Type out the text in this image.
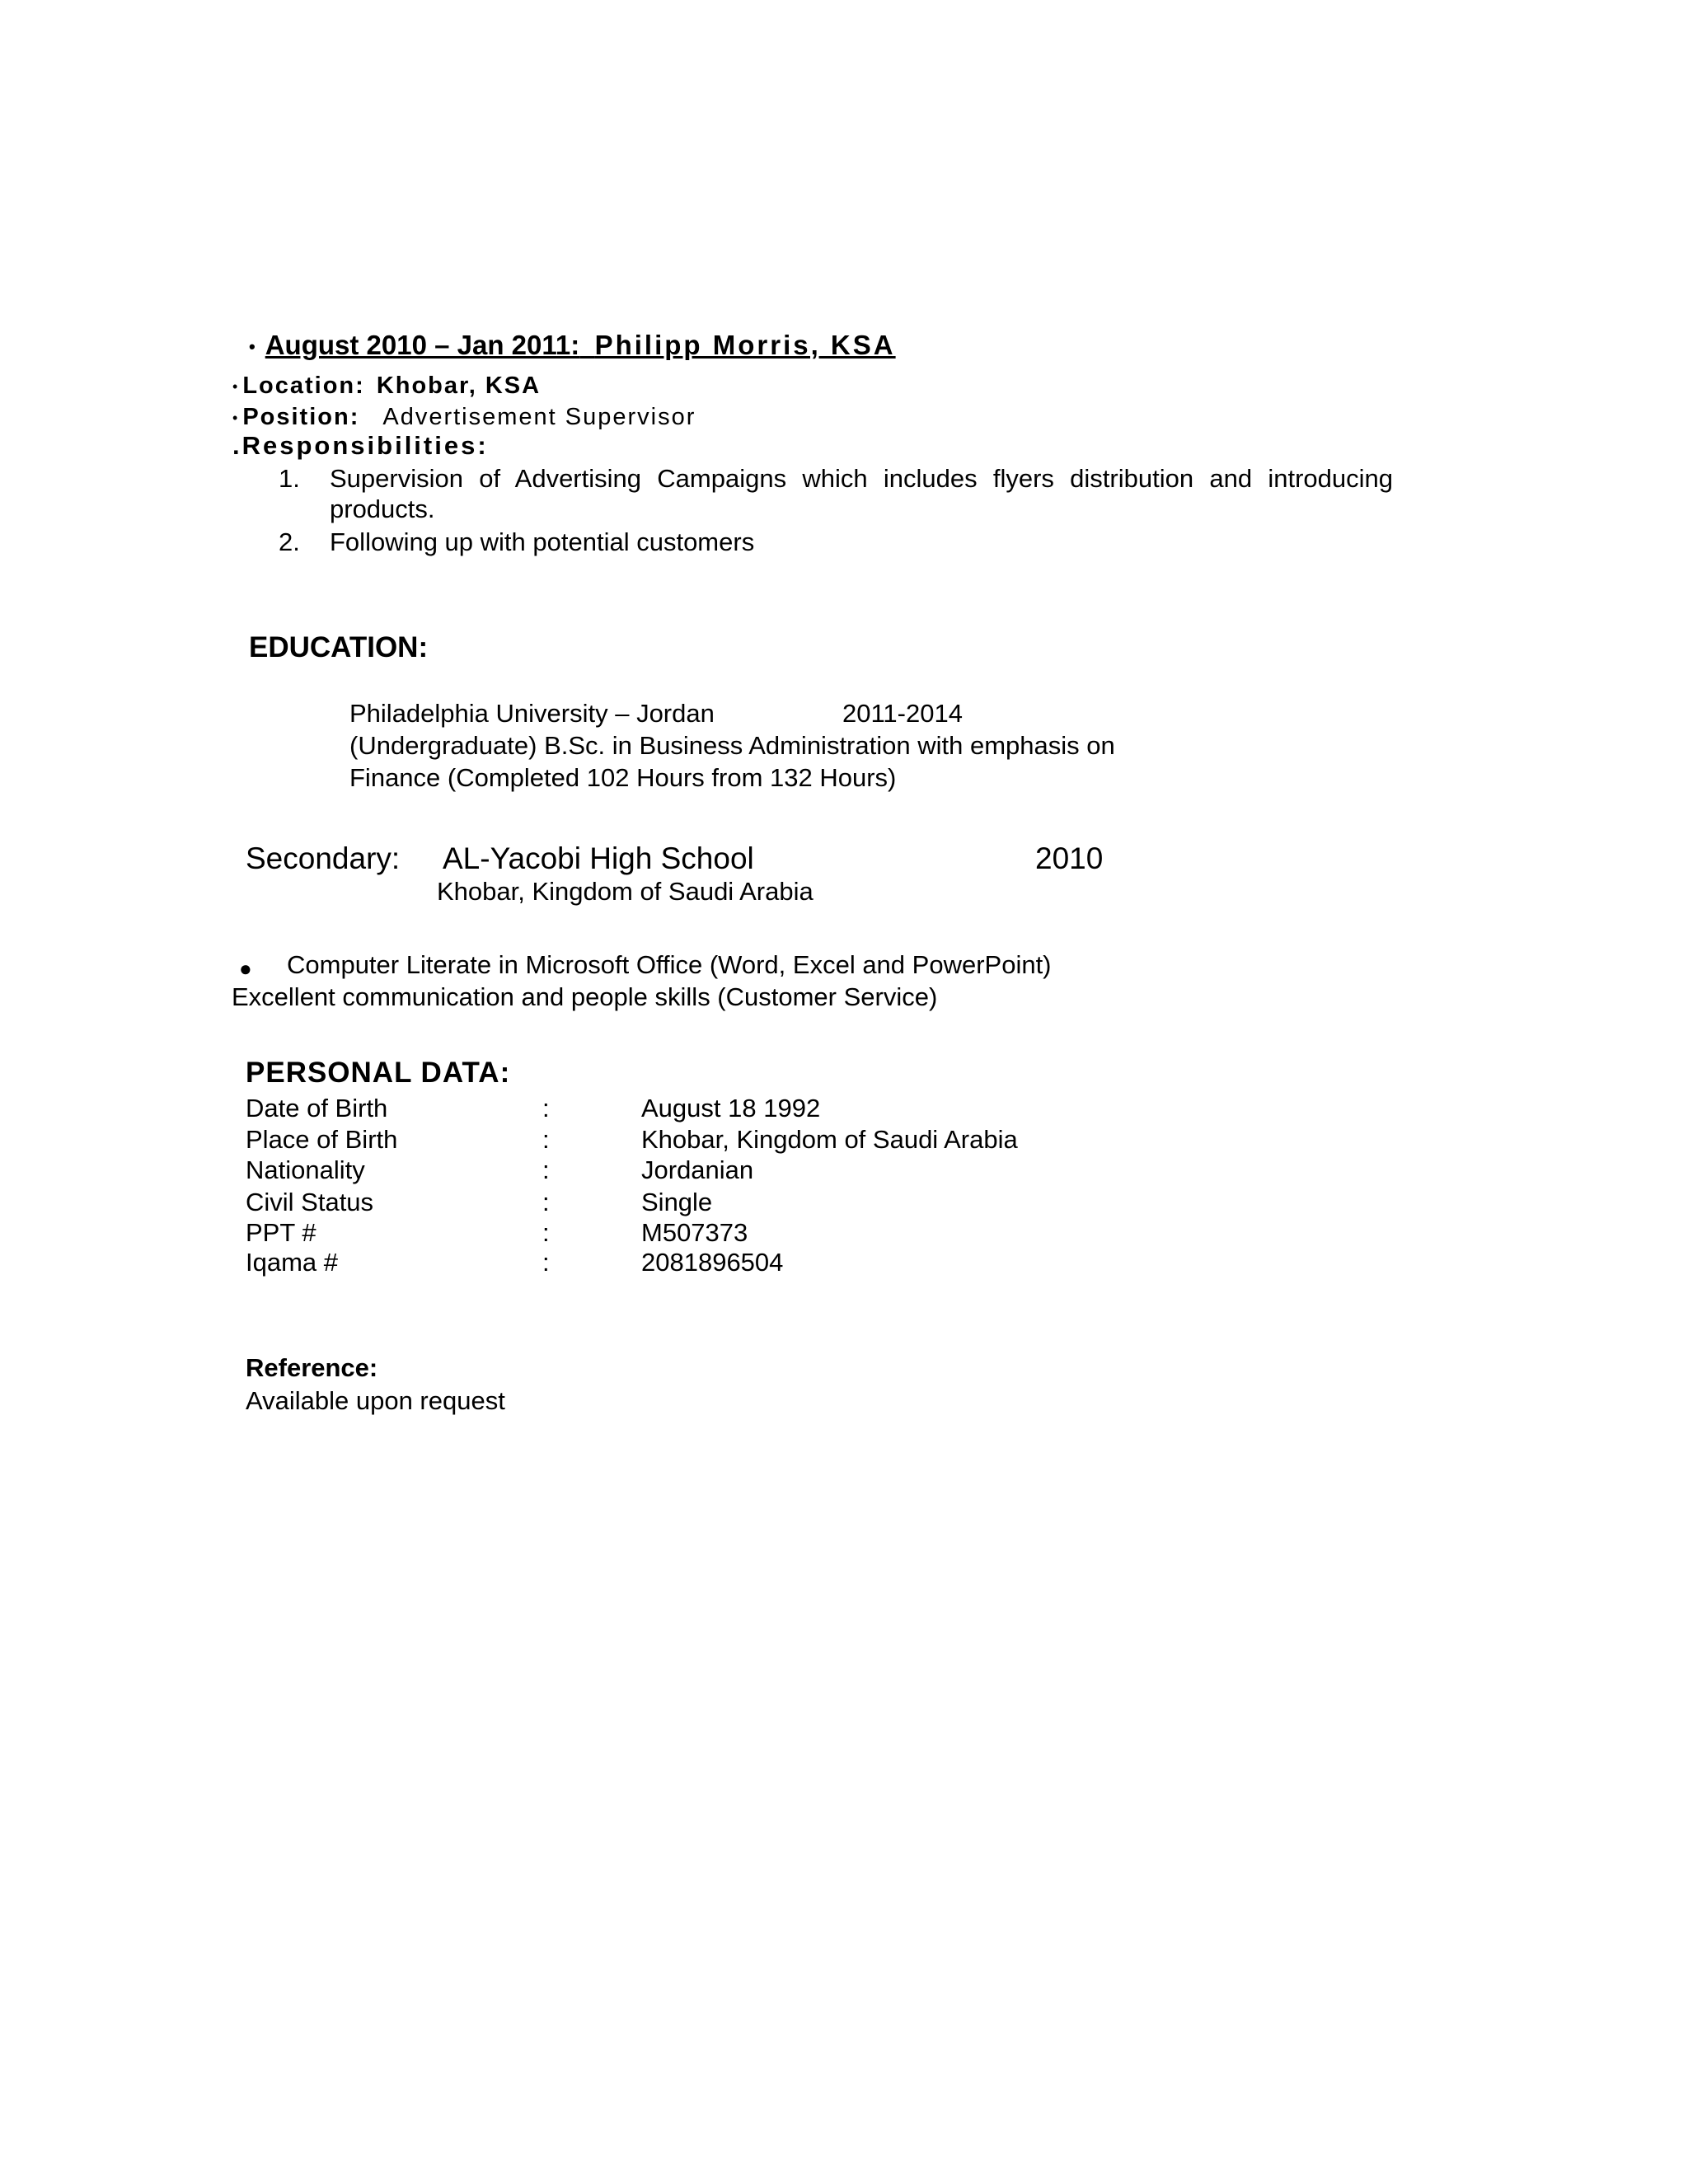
• August 2010 – Jan 2011: Philipp Morris, KSA
• Location: Khobar, KSA
• Position: Advertisement Supervisor
.Responsibilities:
1. Supervision of Advertising Campaigns which includes flyers distribution and introducing
products.
2. Following up with potential customers
EDUCATION:
Philadelphia University – Jordan	2011-2014
(Undergraduate) B.Sc. in Business Administration with emphasis on
Finance (Completed 102 Hours from 132 Hours)
Secondary: AL-Yacobi High School	2010
Khobar, Kingdom of Saudi Arabia
● Computer Literate in Microsoft Office (Word, Excel and PowerPoint)
Excellent communication and people skills (Customer Service)
PERSONAL DATA:
Date of Birth	:	August 18 1992
Place of Birth	:	Khobar, Kingdom of Saudi Arabia
Nationality	:	Jordanian
Civil Status	:	Single
PPT #	:	M507373
Iqama #	:	2081896504
Reference:
Available upon request
